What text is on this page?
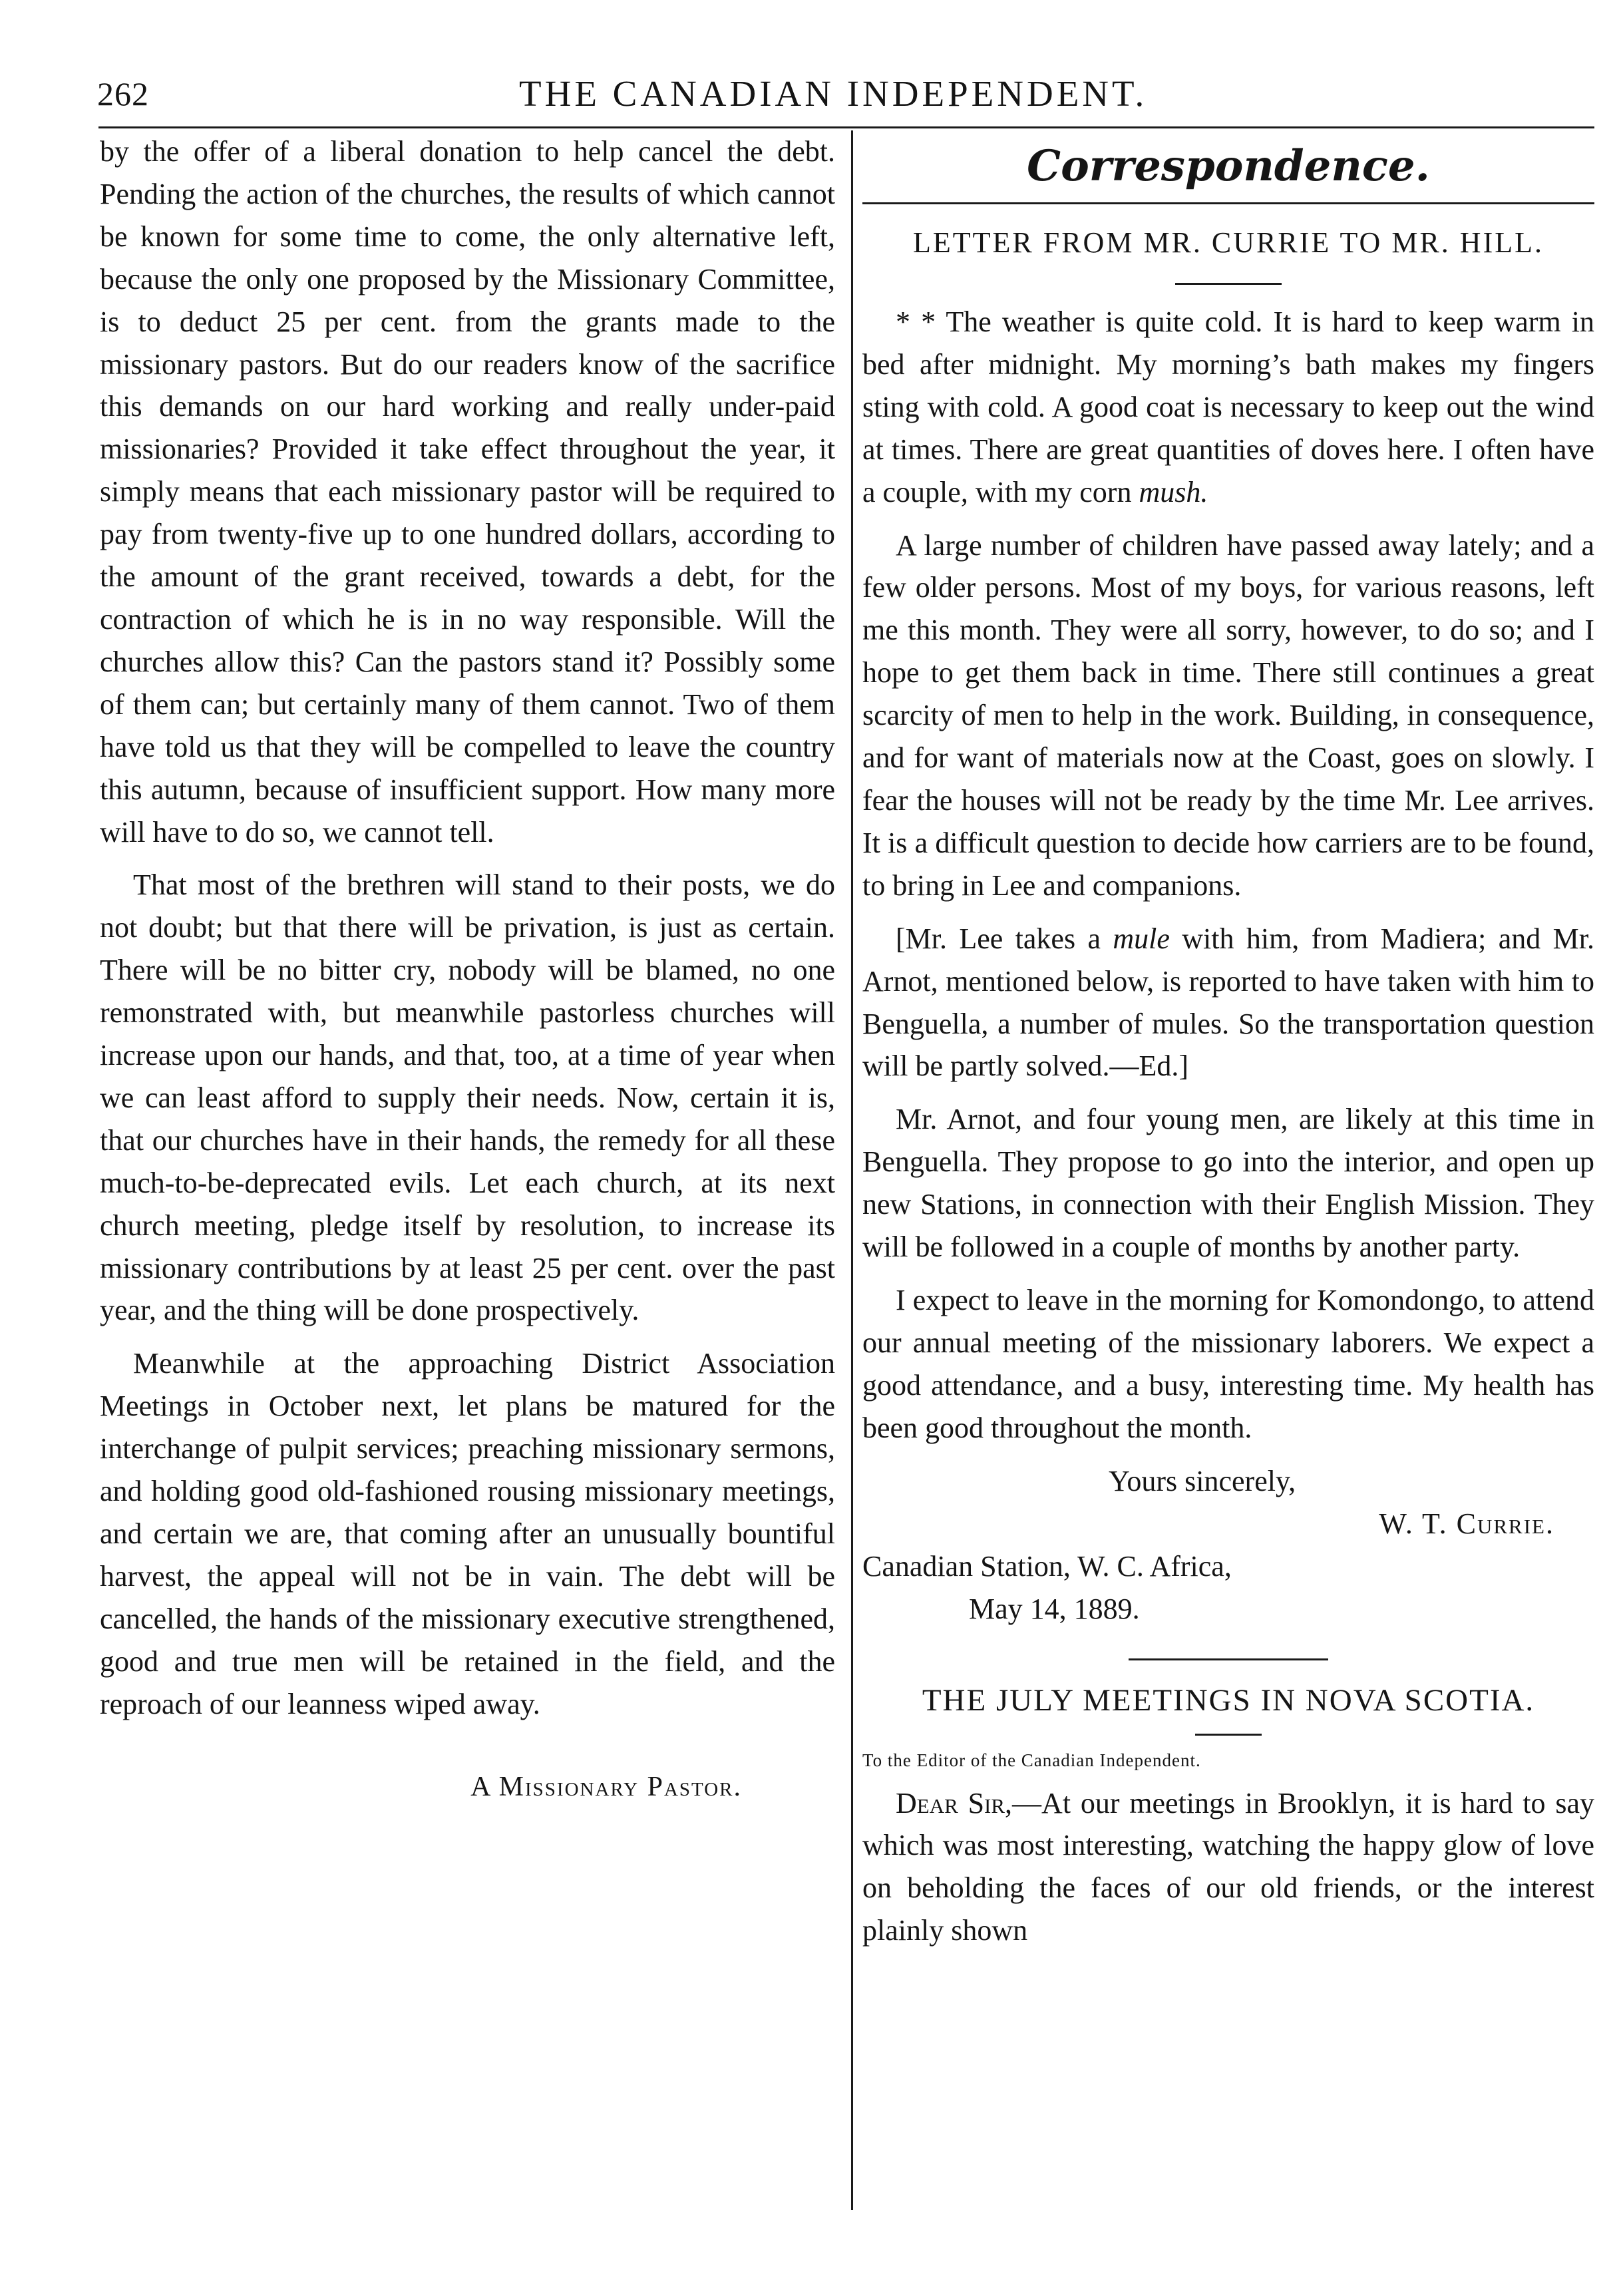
262	THE CANADIAN INDEPENDENT.

by the offer of a liberal donation to help cancel the debt. Pending the action of the churches, the results of which cannot be known for some time to come, the only alternative left, because the only one proposed by the Missionary Committee, is to deduct 25 per cent. from the grants made to the missionary pastors. But do our readers know of the sacrifice this demands on our hard working and really under-paid missionaries? Provided it take effect throughout the year, it simply means that each missionary pastor will be required to pay from twenty-five up to one hundred dollars, according to the amount of the grant received, towards a debt, for the contraction of which he is in no way responsible. Will the churches allow this? Can the pastors stand it? Possibly some of them can; but certainly many of them cannot. Two of them have told us that they will be compelled to leave the country this autumn, because of insufficient support. How many more will have to do so, we cannot tell.

That most of the brethren will stand to their posts, we do not doubt; but that there will be privation, is just as certain. There will be no bitter cry, nobody will be blamed, no one remonstrated with, but meanwhile pastorless churches will increase upon our hands, and that, too, at a time of year when we can least afford to supply their needs. Now, certain it is, that our churches have in their hands, the remedy for all these much-to-be-deprecated evils. Let each church, at its next church meeting, pledge itself by resolution, to increase its missionary contributions by at least 25 per cent. over the past year, and the thing will be done prospectively.

Meanwhile at the approaching District Association Meetings in October next, let plans be matured for the interchange of pulpit services; preaching missionary sermons, and holding good old-fashioned rousing missionary meetings, and certain we are, that coming after an unusually bountiful harvest, the appeal will not be in vain. The debt will be cancelled, the hands of the missionary executive strengthened, good and true men will be retained in the field, and the reproach of our leanness wiped away.

A Missionary Pastor.
Correspondence.
LETTER FROM MR. CURRIE TO MR. HILL.

* * The weather is quite cold. It is hard to keep warm in bed after midnight. My morning’s bath makes my fingers sting with cold. A good coat is necessary to keep out the wind at times. There are great quantities of doves here. I often have a couple, with my corn mush.

A large number of children have passed away lately; and a few older persons. Most of my boys, for various reasons, left me this month. They were all sorry, however, to do so; and I hope to get them back in time. There still continues a great scarcity of men to help in the work. Building, in consequence, and for want of materials now at the Coast, goes on slowly. I fear the houses will not be ready by the time Mr. Lee arrives. It is a difficult question to decide how carriers are to be found, to bring in Lee and companions.

[Mr. Lee takes a mule with him, from Madiera; and Mr. Arnot, mentioned below, is reported to have taken with him to Benguella, a number of mules. So the transportation question will be partly solved.—Ed.]

Mr. Arnot, and four young men, are likely at this time in Benguella. They propose to go into the interior, and open up new Stations, in connection with their English Mission. They will be followed in a couple of months by another party.

I expect to leave in the morning for Komondongo, to attend our annual meeting of the missionary laborers. We expect a good attendance, and a busy, interesting time. My health has been good throughout the month.

Yours sincerely,
W. T. Currie.
Canadian Station, W. C. Africa,
May 14, 1889.
THE JULY MEETINGS IN NOVA SCOTIA.
To the Editor of the Canadian Independent.

Dear Sir,—At our meetings in Brooklyn, it is hard to say which was most interesting, watching the happy glow of love on beholding the faces of our old friends, or the interest plainly shown
